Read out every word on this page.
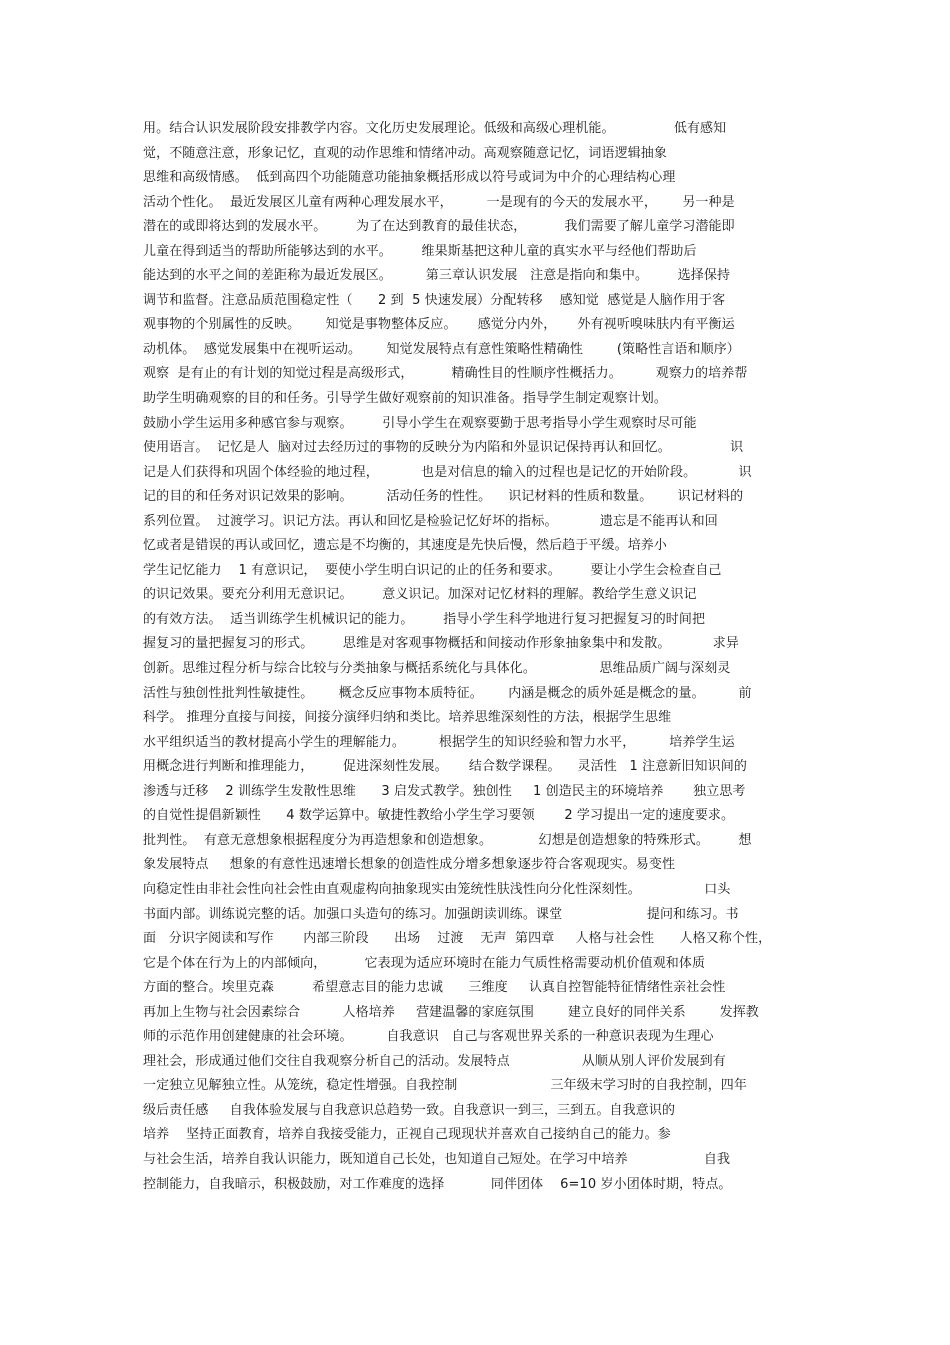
用。结合认识发展阶段安排教学内容。文化历史发展理论。低级和高级心理机能。              低有感知
觉，不随意注意，形象记忆，直观的动作思维和情绪冲动。高观察随意记忆，词语逻辑抽象
思维和高级情感。  低到高四个功能随意功能抽象概括形成以符号或词为中介的心理结构心理
活动个性化。  最近发展区儿童有两种心理发展水平，        一是现有的今天的发展水平，      另一种是
潜在的或即将达到的发展水平。       为了在达到教育的最佳状态，         我们需要了解儿童学习潜能即
儿童在得到适当的帮助所能够达到的水平。       维果斯基把这种儿童的真实水平与经他们帮助后
能达到的水平之间的差距称为最近发展区。        第三章认识发展   注意是指向和集中。       选择保持
调节和监督。注意品质范围稳定性（      2 到  5 快速发展）分配转移    感知觉  感觉是人脑作用于客
观事物的个别属性的反映。      知觉是事物整体反应。     感觉分内外，     外有视听嗅味肤内有平衡运
动机体。  感觉发展集中在视听运动。      知觉发展特点有意性策略性精确性        (策略性言语和顺序）
观察  是有止的有计划的知觉过程是高级形式，         精确性目的性顺序性概括力。        观察力的培养帮
助学生明确观察的目的和任务。引导学生做好观察前的知识准备。指导学生制定观察计划。
鼓励小学生运用多种感官参与观察。       引导小学生在观察要勤于思考指导小学生观察时尽可能
使用语言。  记忆是人  脑对过去经历过的事物的反映分为内陷和外显识记保持再认和回忆。              识
记是人们获得和巩固个体经验的地过程，          也是对信息的输入的过程也是记忆的开始阶段。          识
记的目的和任务对识记效果的影响。        活动任务的性性。    识记材料的性质和数量。      识记材料的
系列位置。  过渡学习。识记方法。再认和回忆是检验记忆好坏的指标。          遗忘是不能再认和回
忆或者是错误的再认或回忆，遗忘是不均衡的，其速度是先快后慢，然后趋于平缓。培养小
学生记忆能力    1 有意识记，  要使小学生明白识记的止的任务和要求。       要让小学生会检查自己
的识记效果。要充分利用无意识记。       意义识记。加深对记忆材料的理解。教给学生意义识记
的有效方法。  适当训练学生机械识记的能力。       指导小学生科学地进行复习把握复习的时间把
握复习的量把握复习的形式。       思维是对客观事物概括和间接动作形象抽象集中和发散。          求异
创新。思维过程分析与综合比较与分类抽象与概括系统化与具体化。               思维品质广阔与深刻灵
活性与独创性批判性敏捷性。      概念反应事物本质特征。      内涵是概念的质外延是概念的量。        前
科学。 推理分直接与间接，间接分演绎归纳和类比。培养思维深刻性的方法，根据学生思维
水平组织适当的教材提高小学生的理解能力。        根据学生的知识经验和智力水平，        培养学生运
用概念进行判断和推理能力，       促进深刻性发展。     结合数学课程。    灵活性   1 注意新旧知识间的
渗透与迁移    2 训练学生发散性思维      3 启发式教学。独创性     1 创造民主的环境培养       独立思考
的自觉性提倡新颖性      4 数学运算中。敏捷性教给小学生学习要领       2 学习提出一定的速度要求。
批判性。  有意无意想象根据程度分为再造想象和创造想象。           幻想是创造想象的特殊形式。       想
象发展特点     想象的有意性迅速增长想象的创造性成分增多想象逐步符合客观现实。易变性
向稳定性由非社会性向社会性由直观虚构向抽象现实由笼统性肤浅性向分化性深刻性。               口头
书面内部。训练说完整的话。加强口头造句的练习。加强朗读训练。课堂                    提问和练习。书
面   分识字阅读和写作       内部三阶段      出场    过渡    无声  第四章     人格与社会性      人格又称个性，
它是个体在行为上的内部倾向，         它表现为适应环境时在能力气质性格需要动机价值观和体质
方面的整合。埃里克森         希望意志目的能力忠诚      三维度     认真自控智能特征情绪性亲社会性
再加上生物与社会因素综合          人格培养     营建温馨的家庭氛围        建立良好的同伴关系        发挥教
师的示范作用创建健康的社会环境。        自我意识   自己与客观世界关系的一种意识表现为生理心
理社会，形成通过他们交往自我观察分析自己的活动。发展特点                 从顺从别人评价发展到有
一定独立见解独立性。从笼统，稳定性增强。自我控制                      三年级末学习时的自我控制，四年
级后责任感     自我体验发展与自我意识总趋势一致。自我意识一到三，三到五。自我意识的
培养    坚持正面教育，培养自我接受能力，正视自己现现状并喜欢自己接纳自己的能力。参
与社会生活，培养自我认识能力，既知道自己长处，也知道自己短处。在学习中培养                  自我
控制能力，自我暗示，积极鼓励，对工作难度的选择           同伴团体    6=10 岁小团体时期，特点。
